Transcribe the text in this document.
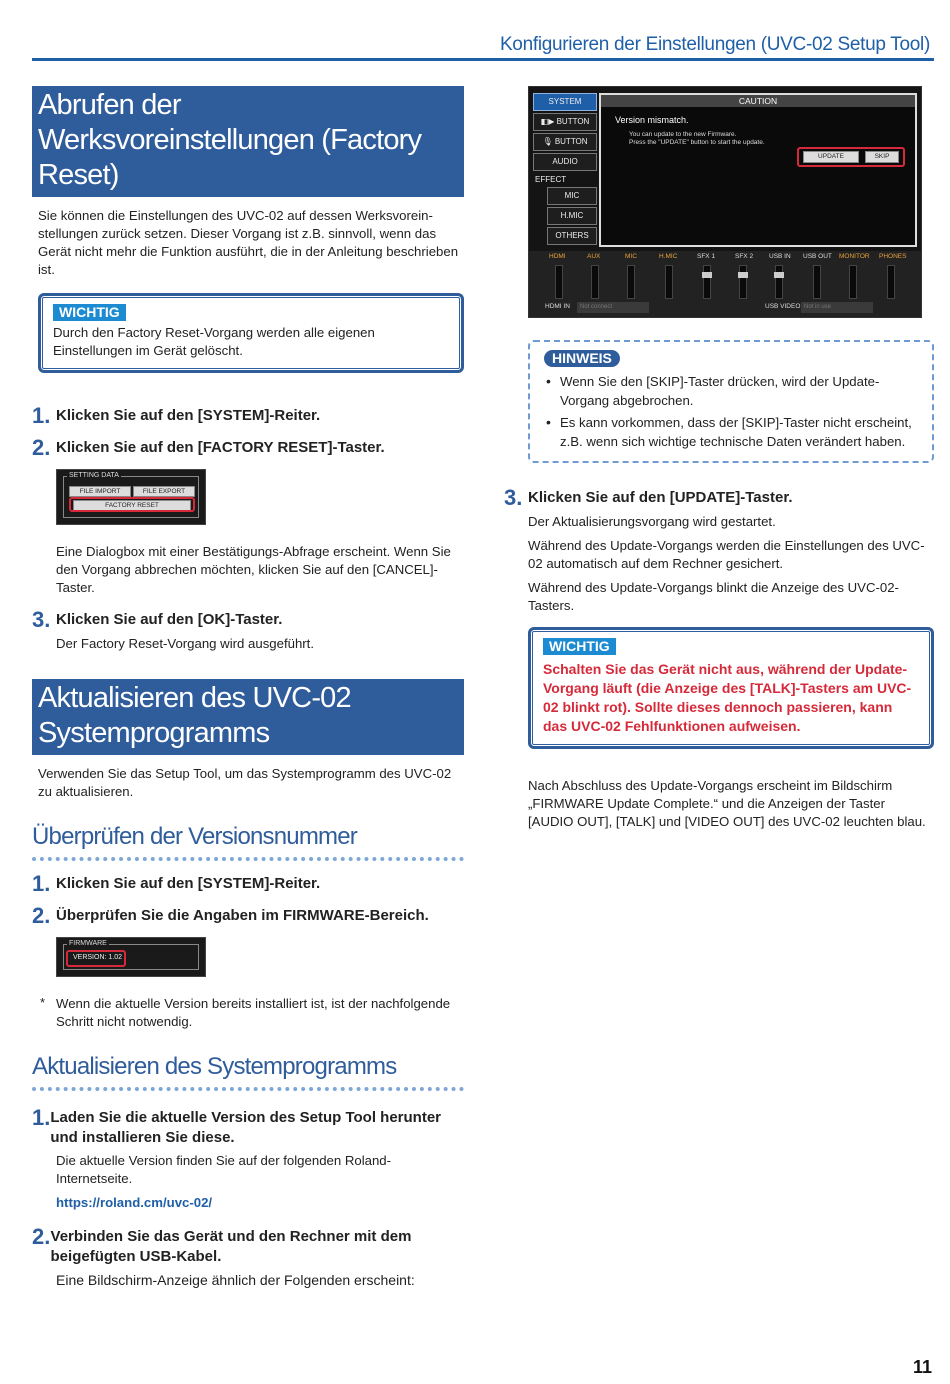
Konfigurieren der Einstellungen (UVC-02 Setup Tool)
Abrufen der Werksvoreinstellungen (Factory Reset)

Sie können die Einstellungen des UVC-02 auf dessen Werksvorein-stellungen zurück setzen. Dieser Vorgang ist z.B. sinnvoll, wenn das Gerät nicht mehr die Funktion ausführt, die in der Anleitung beschrieben ist.

WICHTIG

Durch den Factory Reset-Vorgang werden alle eigenen Einstellungen im Gerät gelöscht.

1. Klicken Sie auf den [SYSTEM]-Reiter.
2. Klicken Sie auf den [FACTORY RESET]-Taster.
SETTING DATA
FILE IMPORT	FILE EXPORT
FACTORY RESET

Eine Dialogbox mit einer Bestätigungs-Abfrage erscheint. Wenn Sie den Vorgang abbrechen möchten, klicken Sie auf den [CANCEL]-Taster.

3. Klicken Sie auf den [OK]-Taster.

Der Factory Reset-Vorgang wird ausgeführt.

Aktualisieren des UVC-02 Systemprogramms

Verwenden Sie das Setup Tool, um das Systemprogramm des UVC-02 zu aktualisieren.

Überprüfen der Versionsnummer
1. Klicken Sie auf den [SYSTEM]-Reiter.
2. Überprüfen Sie die Angaben im FIRMWARE-Bereich.
FIRMWARE
VERSION: 1.02
* Wenn die aktuelle Version bereits installiert ist, ist der nachfolgende Schritt nicht notwendig.
Aktualisieren des Systemprogramms
1. Laden Sie die aktuelle Version des Setup Tool herunter und installieren Sie diese.

Die aktuelle Version finden Sie auf der folgenden Roland-Internetseite.

https://roland.cm/uvc-02/

2. Verbinden Sie das Gerät und den Rechner mit dem beigefügten USB-Kabel.

Eine Bildschirm-Anzeige ähnlich der Folgenden erscheint:

SYSTEM
◧▶ BUTTON
🎙 BUTTON
AUDIO
EFFECT
MIC
H.MIC
OTHERS
CAUTION
Version mismatch.
You can update to the new Firmware.
Press the "UPDATE" button to start the update.
UPDATE	SKIP
HDMI	AUX	MIC	H.MIC	SFX 1	SFX 2 USB IN USB OUT MONITOR PHONES
HDMI IN	Not connect	USB VIDEO Not in use
HINWEIS
• Wenn Sie den [SKIP]-Taster drücken, wird der Update-Vorgang abgebrochen.
• Es kann vorkommen, dass der [SKIP]-Taster nicht erscheint, z.B. wenn sich wichtige technische Daten verändert haben.
3. Klicken Sie auf den [UPDATE]-Taster.

Der Aktualisierungsvorgang wird gestartet.

Während des Update-Vorgangs werden die Einstellungen des UVC-02 automatisch auf dem Rechner gesichert.

Während des Update-Vorgangs blinkt die Anzeige des UVC-02-Tasters.

WICHTIG

Schalten Sie das Gerät nicht aus, während der Update-Vorgang läuft (die Anzeige des [TALK]-Tasters am UVC-02 blinkt rot). Sollte dieses dennoch passieren, kann das UVC-02 Fehlfunktionen aufweisen.

Nach Abschluss des Update-Vorgangs erscheint im Bildschirm „FIRMWARE Update Complete.“ und die Anzeigen der Taster [AUDIO OUT], [TALK] und [VIDEO OUT] des UVC-02 leuchten blau.

11
